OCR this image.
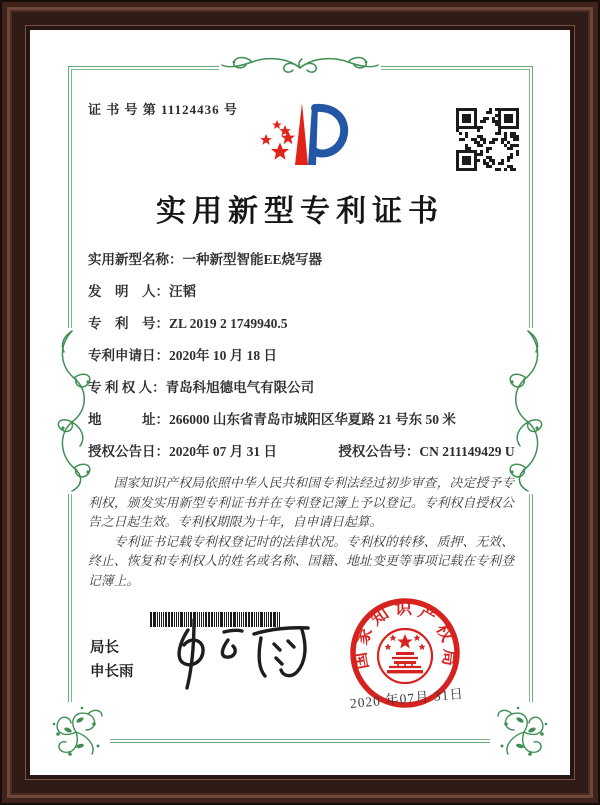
证 书 号 第 11124436 号
实用新型专利证书
实用新型名称：一种新型智能EE烧写器
发　明　人：汪韬
专　利　号：ZL 2019 2 1749940.5
专利申请日：2020年 10 月 18 日
专 利 权 人：青岛科旭德电气有限公司
地　　　址：266000 山东省青岛市城阳区华夏路 21 号东 50 米
授权公告日：2020年 07 月 31 日	授权公告号：CN 211149429 U

国家知识产权局依照中华人民共和国专利法经过初步审查，决定授予专利权，颁发实用新型专利证书并在专利登记簿上予以登记。专利权自授权公告之日起生效。专利权期限为十年，自申请日起算。

专利证书记载专利权登记时的法律状况。专利权的转移、质押、无效、终止、恢复和专利权人的姓名或名称、国籍、地址变更等事项记载在专利登记簿上。

局长
申长雨
国家知识产权局
2020 年07月 31日
